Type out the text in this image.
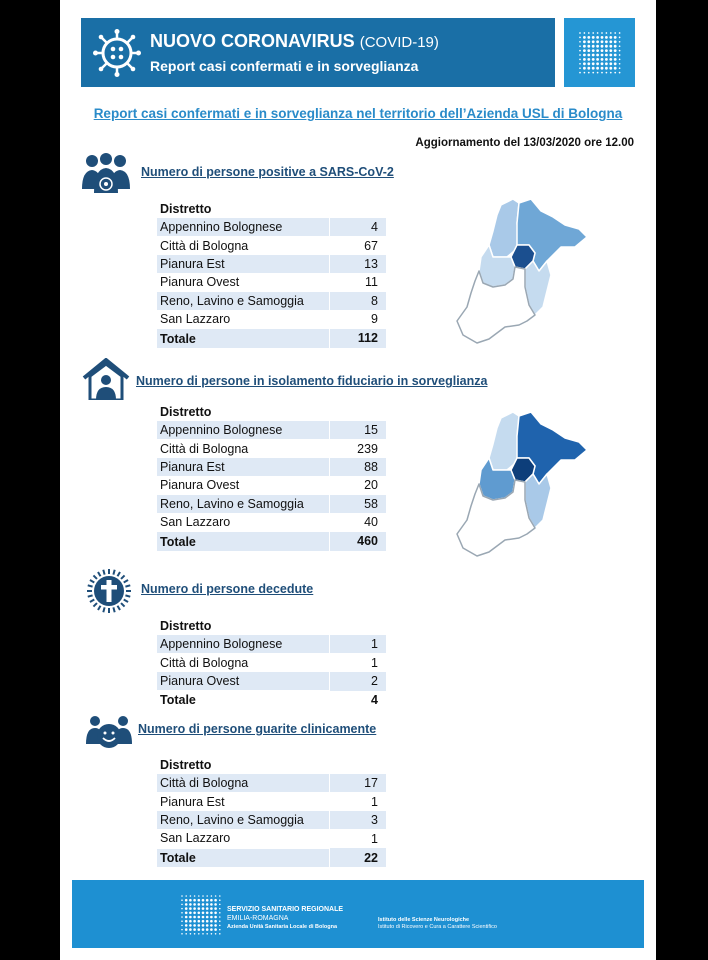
NUOVO CORONAVIRUS (COVID-19)
Report casi confermati e in sorveglianza
Report casi confermati e in sorveglianza nel territorio dell’Azienda USL di Bologna
Aggiornamento del 13/03/2020 ore 12.00
Numero di persone positive a SARS-CoV-2
Distretto	
Appennino Bolognese	4
Città di Bologna	67
Pianura Est	13
Pianura Ovest	11
Reno, Lavino e Samoggia	8
San Lazzaro	9
Totale	112
Numero di persone in isolamento fiduciario in sorveglianza
Distretto	
Appennino Bolognese	15
Città di Bologna	239
Pianura Est	88
Pianura Ovest	20
Reno, Lavino e Samoggia	58
San Lazzaro	40
Totale	460
Numero di persone decedute
Distretto	
Appennino Bolognese	1
Città di Bologna	1
Pianura Ovest	2
Totale	4
Numero di persone guarite clinicamente
Distretto	
Città di Bologna	17
Pianura Est	1
Reno, Lavino e Samoggia	3
San Lazzaro	1
Totale	22
SERVIZIO SANITARIO REGIONALE
EMILIA-ROMAGNA
Azienda Unità Sanitaria Locale di Bologna
Istituto delle Scienze Neurologiche
Istituto di Ricovero e Cura a Carattere Scientifico
